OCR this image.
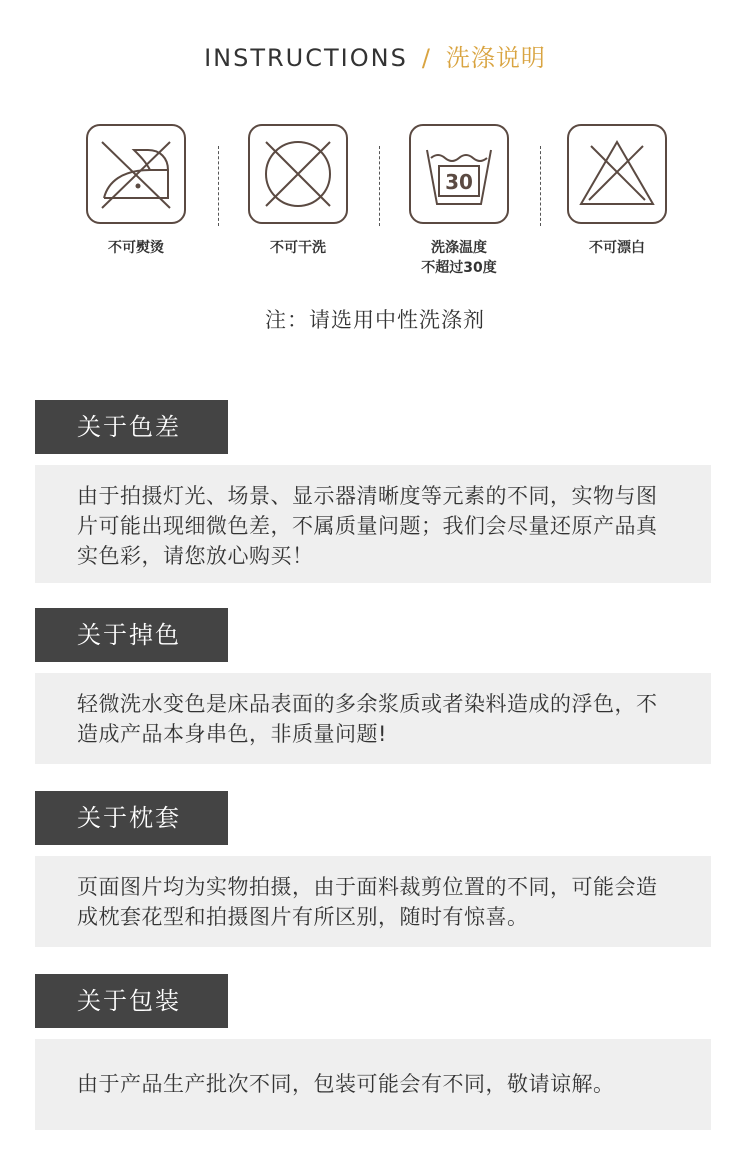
INSTRUCTIONS / 洗涤说明
不可熨烫	不可干洗
30
洗涤温度
不超过30度
不可漂白
注：请选用中性洗涤剂
关于色差
由于拍摄灯光、场景、显示器清晰度等元素的不同，实物与图片可能出现细微色差，不属质量问题；我们会尽量还原产品真实色彩，请您放心购买！
关于掉色
轻微洗水变色是床品表面的多余浆质或者染料造成的浮色，不造成产品本身串色，非质量问题!
关于枕套
页面图片均为实物拍摄，由于面料裁剪位置的不同，可能会造成枕套花型和拍摄图片有所区别，随时有惊喜。
关于包装
由于产品生产批次不同，包装可能会有不同，敬请谅解。
